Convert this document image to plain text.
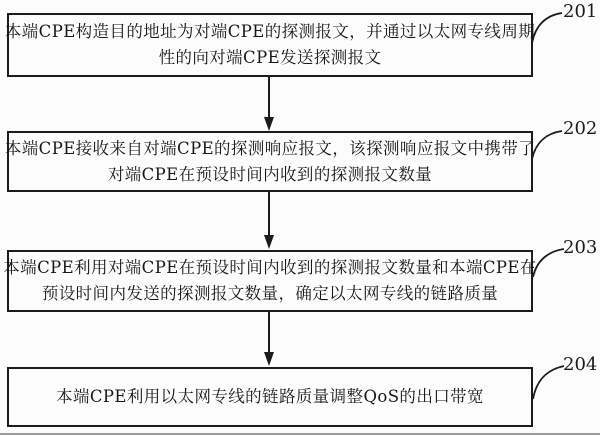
本端CPE构造目的地址为对端CPE的探测报文，并通过以太网专线周期
性的向对端CPE发送探测报文
201
本端CPE接收来自对端CPE的探测响应报文，该探测响应报文中携带了
对端CPE在预设时间内收到的探测报文数量
202
本端CPE利用对端CPE在预设时间内收到的探测报文数量和本端CPE在
预设时间内发送的探测报文数量，确定以太网专线的链路质量
203
本端CPE利用以太网专线的链路质量调整QoS的出口带宽
204
